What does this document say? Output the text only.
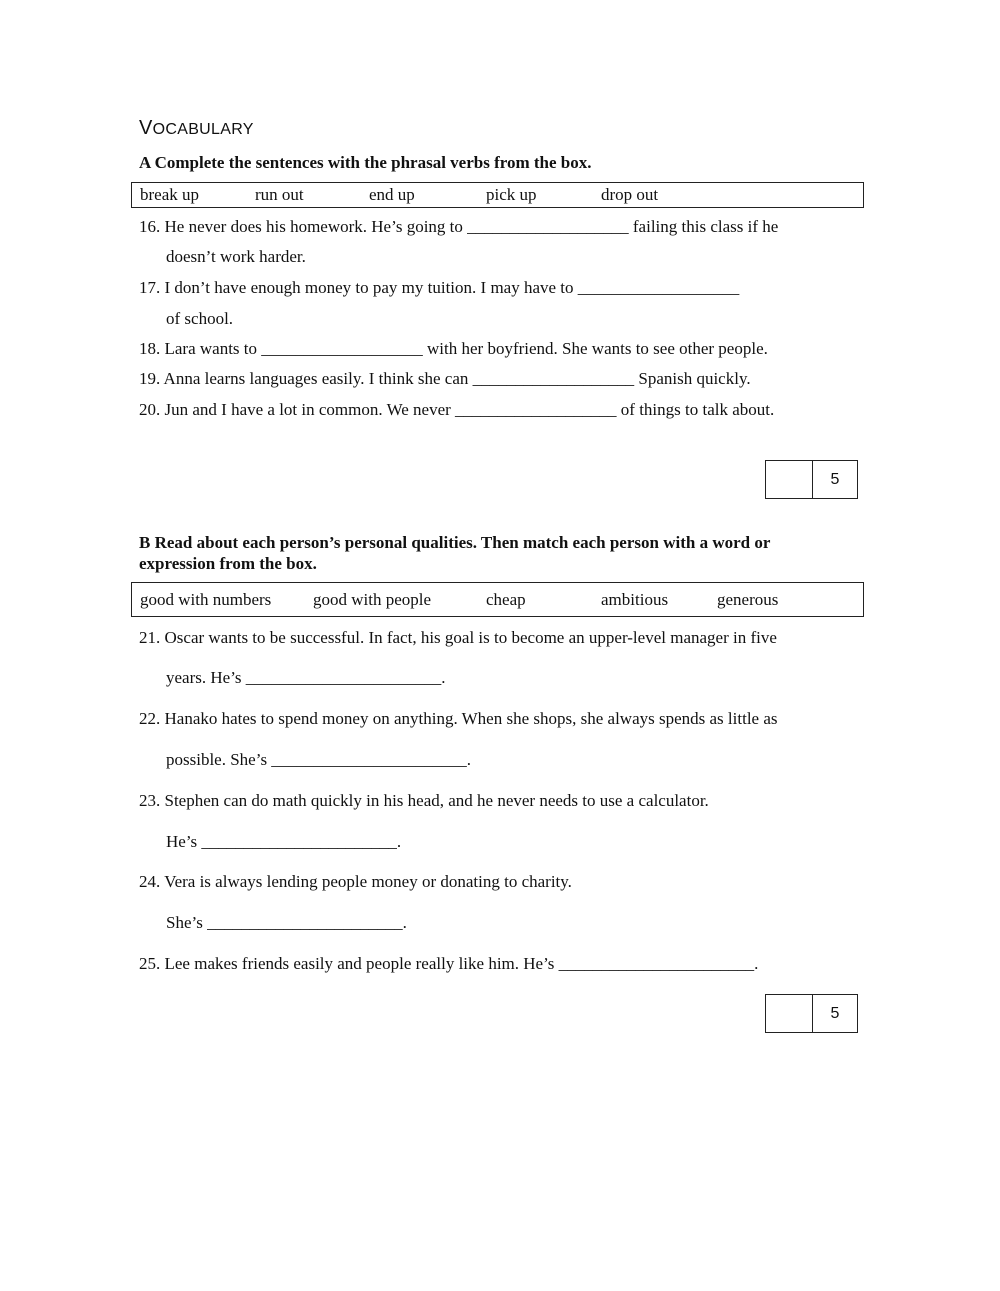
VOCABULARY
A Complete the sentences with the phrasal verbs from the box.
break up	run out	end up	pick up	drop out
16. He never does his homework. He’s going to ___________________ failing this class if he
doesn’t work harder.
17. I don’t have enough money to pay my tuition. I may have to ___________________
of school.
18. Lara wants to ___________________ with her boyfriend. She wants to see other people.
19. Anna learns languages easily. I think she can ___________________ Spanish quickly.
20. Jun and I have a lot in common. We never ___________________ of things to talk about.
5
B Read about each person’s personal qualities. Then match each person with a word or
expression from the box.
good with numbers good with people	cheap	ambitious	generous
21. Oscar wants to be successful. In fact, his goal is to become an upper-level manager in five
years. He’s _______________________.
22. Hanako hates to spend money on anything. When she shops, she always spends as little as
possible. She’s _______________________.
23. Stephen can do math quickly in his head, and he never needs to use a calculator.
He’s _______________________.
24. Vera is always lending people money or donating to charity.
She’s _______________________.
25. Lee makes friends easily and people really like him. He’s _______________________.
5
